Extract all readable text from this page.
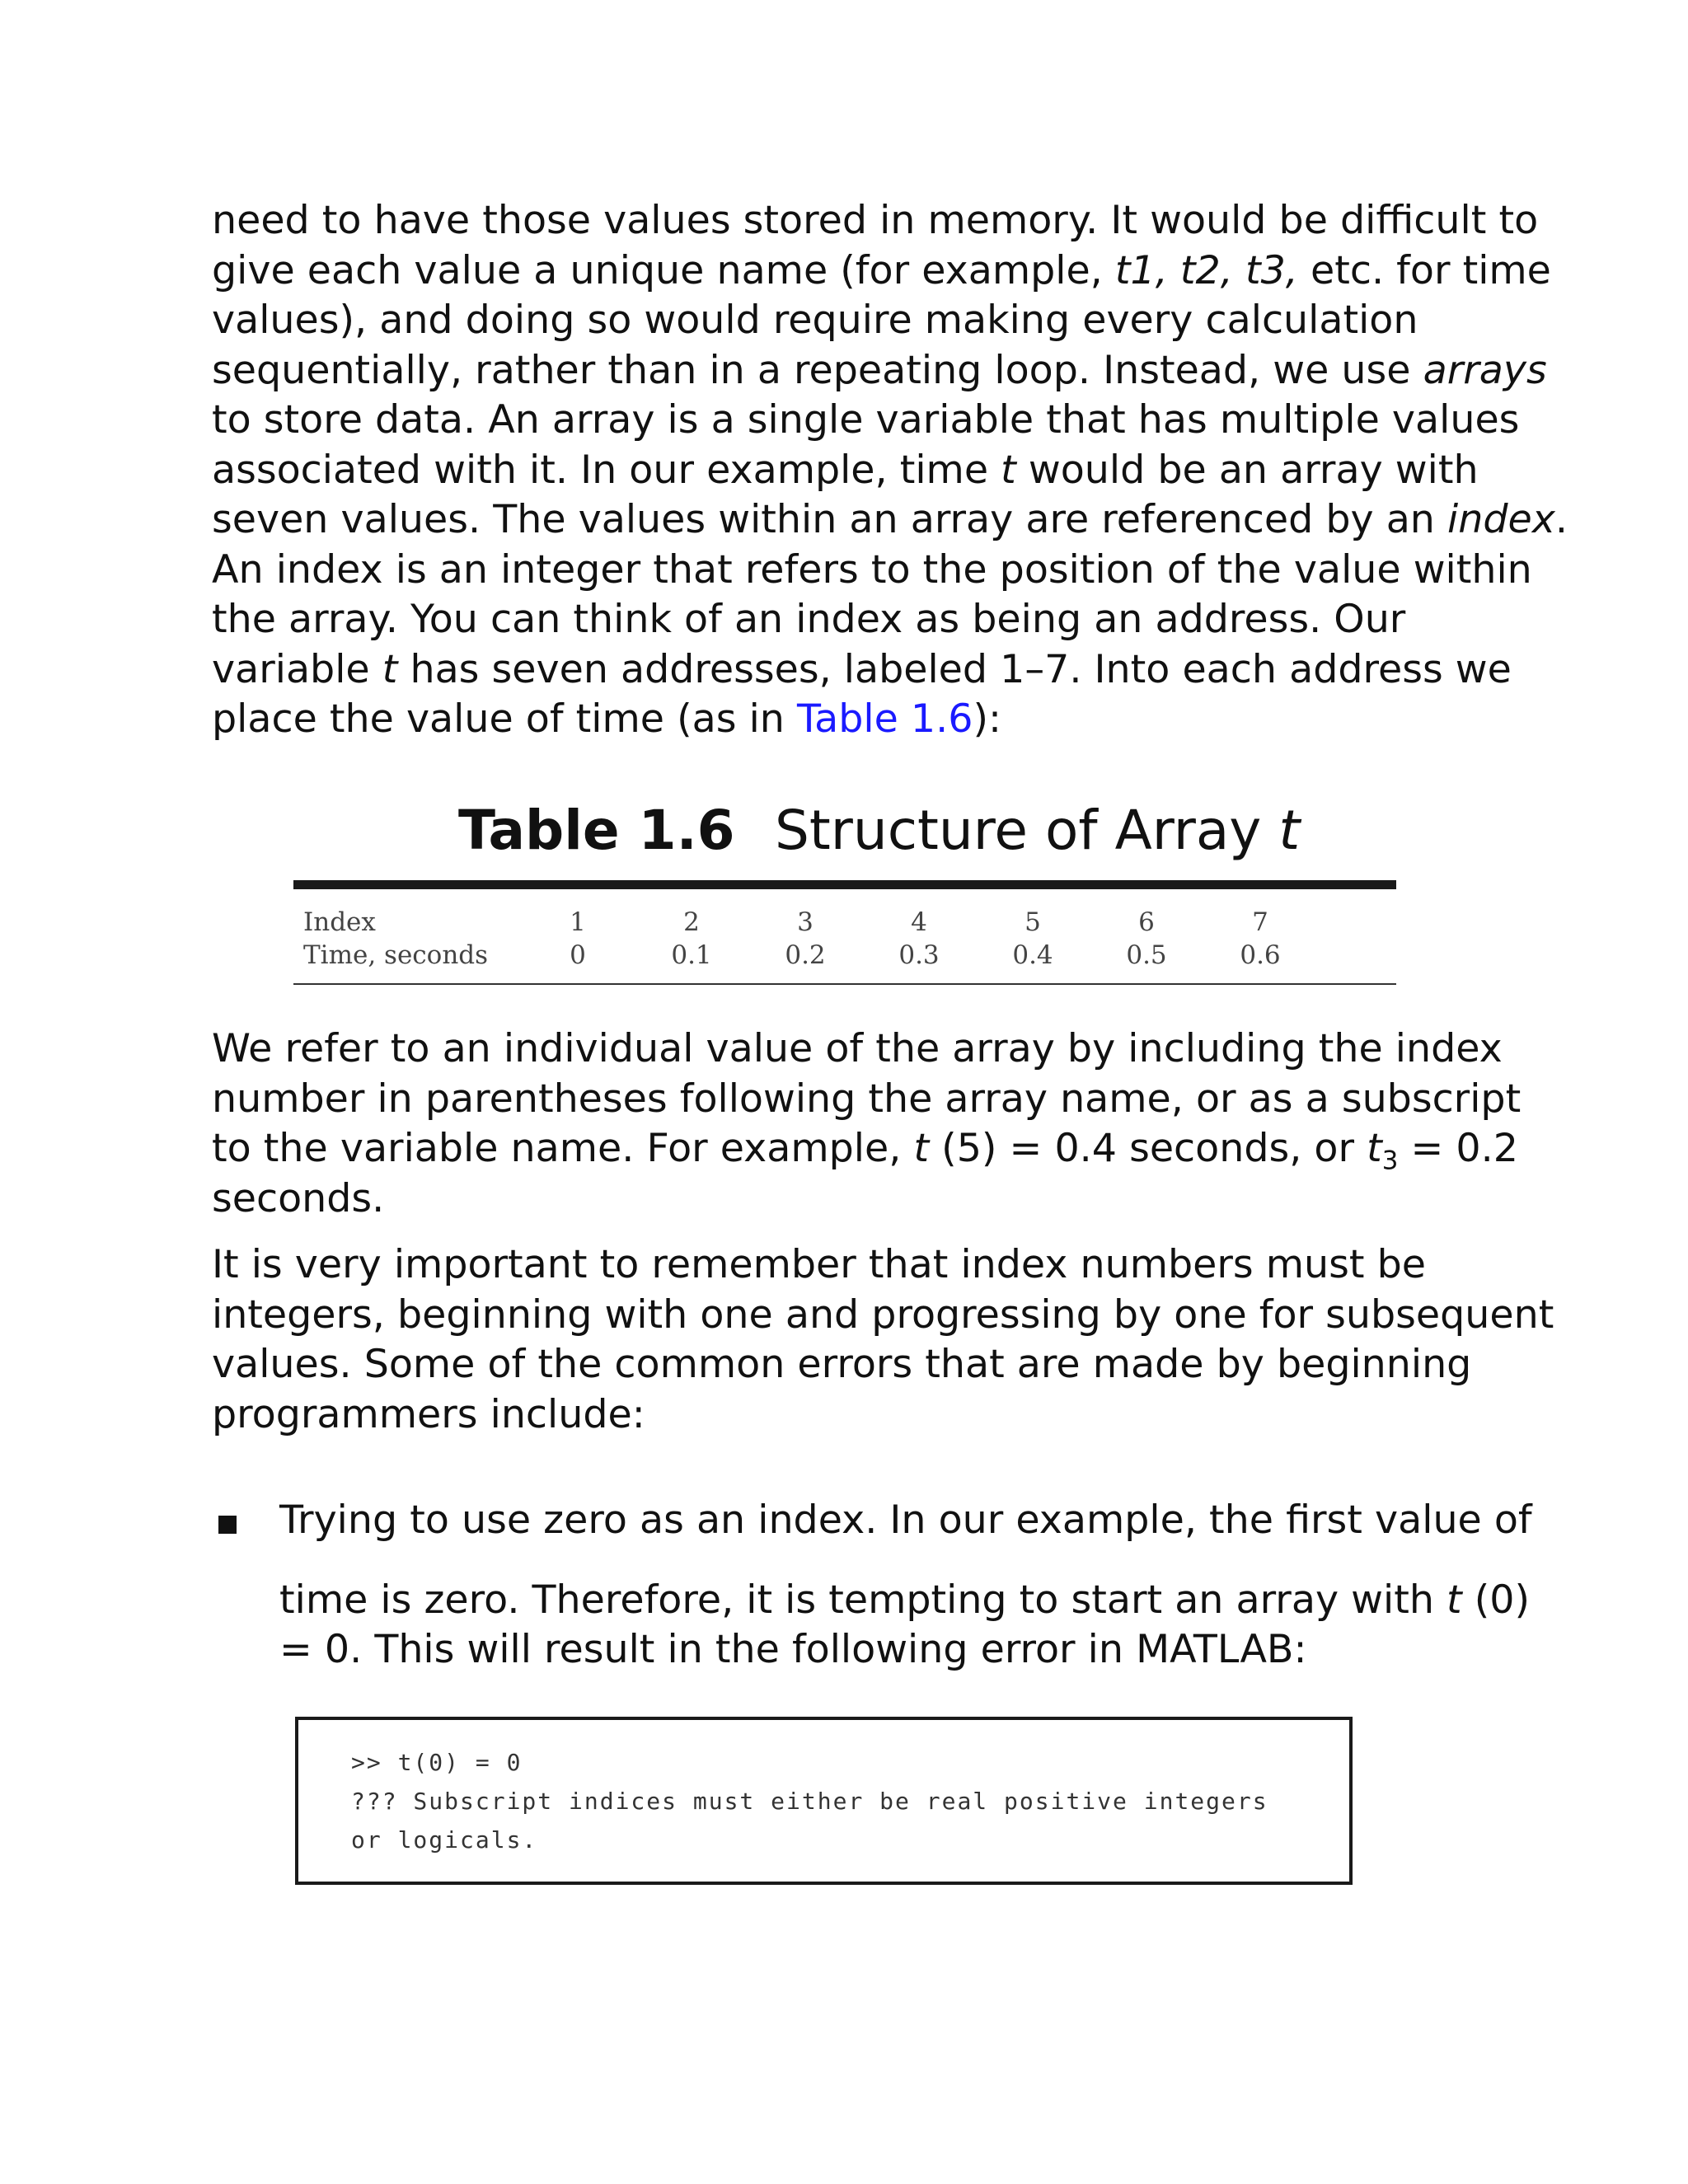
need to have those values stored in memory. It would be difficult to
give each value a unique name (for example, t1, t2, t3, etc. for time
values), and doing so would require making every calculation
sequentially, rather than in a repeating loop. Instead, we use arrays
to store data. An array is a single variable that has multiple values
associated with it. In our example, time t would be an array with
seven values. The values within an array are referenced by an index.
An index is an integer that refers to the position of the value within
the array. You can think of an index as being an address. Our
variable t has seven addresses, labeled 1–7. Into each address we
place the value of time (as in Table 1.6):

Table 1.6 Structure of Array t
Index	1	2	3	4	5	6	7
Time, seconds	0	0.1	0.2	0.3	0.4	0.5	0.6

We refer to an individual value of the array by including the index
number in parentheses following the array name, or as a subscript
to the variable name. For example, t (5) = 0.4 seconds, or $t_3 = 0.2$
seconds.

It is very important to remember that index numbers must be
integers, beginning with one and progressing by one for subsequent
values. Some of the common errors that are made by beginning
programmers include:

Trying to use zero as an index. In our example, the first value of
time is zero. Therefore, it is tempting to start an array with t (0)
= 0. This will result in the following error in MATLAB:
>> t(0) = 0
??? Subscript indices must either be real positive integers
or logicals.
